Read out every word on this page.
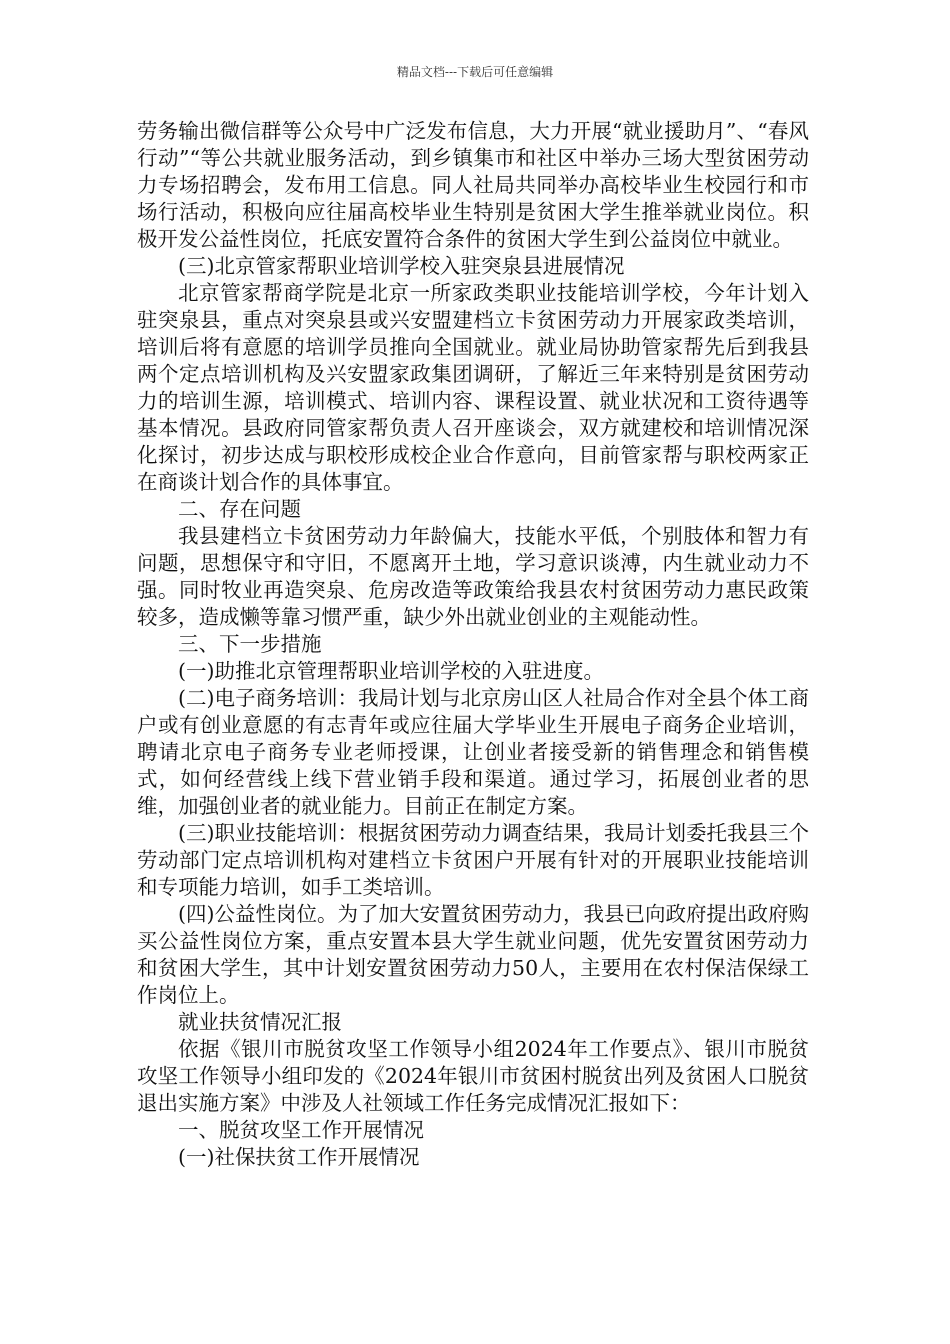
精品文档---下载后可任意编辑

劳务输出微信群等公众号中广泛发布信息，大力开展“就业援助月”、“春风行动”“等公共就业服务活动，到乡镇集市和社区中举办三场大型贫困劳动力专场招聘会，发布用工信息。同人社局共同举办高校毕业生校园行和市场行活动，积极向应往届高校毕业生特别是贫困大学生推举就业岗位。积极开发公益性岗位，托底安置符合条件的贫困大学生到公益岗位中就业。

(三)北京管家帮职业培训学校入驻突泉县进展情况

北京管家帮商学院是北京一所家政类职业技能培训学校，今年计划入驻突泉县，重点对突泉县或兴安盟建档立卡贫困劳动力开展家政类培训，培训后将有意愿的培训学员推向全国就业。就业局协助管家帮先后到我县两个定点培训机构及兴安盟家政集团调研，了解近三年来特别是贫困劳动力的培训生源，培训模式、培训内容、课程设置、就业状况和工资待遇等基本情况。县政府同管家帮负责人召开座谈会，双方就建校和培训情况深化探讨，初步达成与职校形成校企业合作意向，目前管家帮与职校两家正在商谈计划合作的具体事宜。

二、存在问题

我县建档立卡贫困劳动力年龄偏大，技能水平低，个别肢体和智力有问题，思想保守和守旧，不愿离开土地，学习意识谈溥，内生就业动力不强。同时牧业再造突泉、危房改造等政策给我县农村贫困劳动力惠民政策较多，造成懒等靠习惯严重，缺少外出就业创业的主观能动性。

三、下一步措施

(一)助推北京管理帮职业培训学校的入驻进度。

(二)电子商务培训：我局计划与北京房山区人社局合作对全县个体工商户或有创业意愿的有志青年或应往届大学毕业生开展电子商务企业培训，聘请北京电子商务专业老师授课，让创业者接受新的销售理念和销售模式，如何经营线上线下营业销手段和渠道。通过学习，拓展创业者的思维，加强创业者的就业能力。目前正在制定方案。

(三)职业技能培训：根据贫困劳动力调查结果，我局计划委托我县三个劳动部门定点培训机构对建档立卡贫困户开展有针对的开展职业技能培训和专项能力培训，如手工类培训。

(四)公益性岗位。为了加大安置贫困劳动力，我县已向政府提出政府购买公益性岗位方案，重点安置本县大学生就业问题，优先安置贫困劳动力和贫困大学生，其中计划安置贫困劳动力50人，主要用在农村保洁保绿工作岗位上。

就业扶贫情况汇报

依据《银川市脱贫攻坚工作领导小组2024年工作要点》、银川市脱贫攻坚工作领导小组印发的《2024年银川市贫困村脱贫出列及贫困人口脱贫退出实施方案》中涉及人社领域工作任务完成情况汇报如下：

一、脱贫攻坚工作开展情况

(一)社保扶贫工作开展情况
